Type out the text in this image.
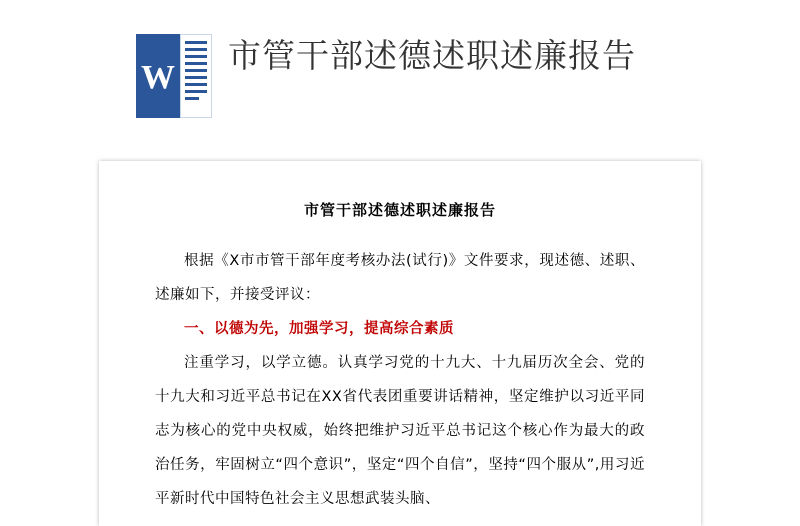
W
市管干部述德述职述廉报告
市管干部述德述职述廉报告

根据《X市市管干部年度考核办法(试行)》文件要求，现述德、述职、述廉如下，并接受评议：

一、以德为先，加强学习，提高综合素质

注重学习，以学立德。认真学习党的十九大、十九届历次全会、党的十九大和习近平总书记在XX省代表团重要讲话精神，坚定维护以习近平同志为核心的党中央权威，始终把维护习近平总书记这个核心作为最大的政治任务，牢固树立“四个意识”，坚定“四个自信”，坚持“四个服从”,用习近平新时代中国特色社会主义思想武装头脑、
